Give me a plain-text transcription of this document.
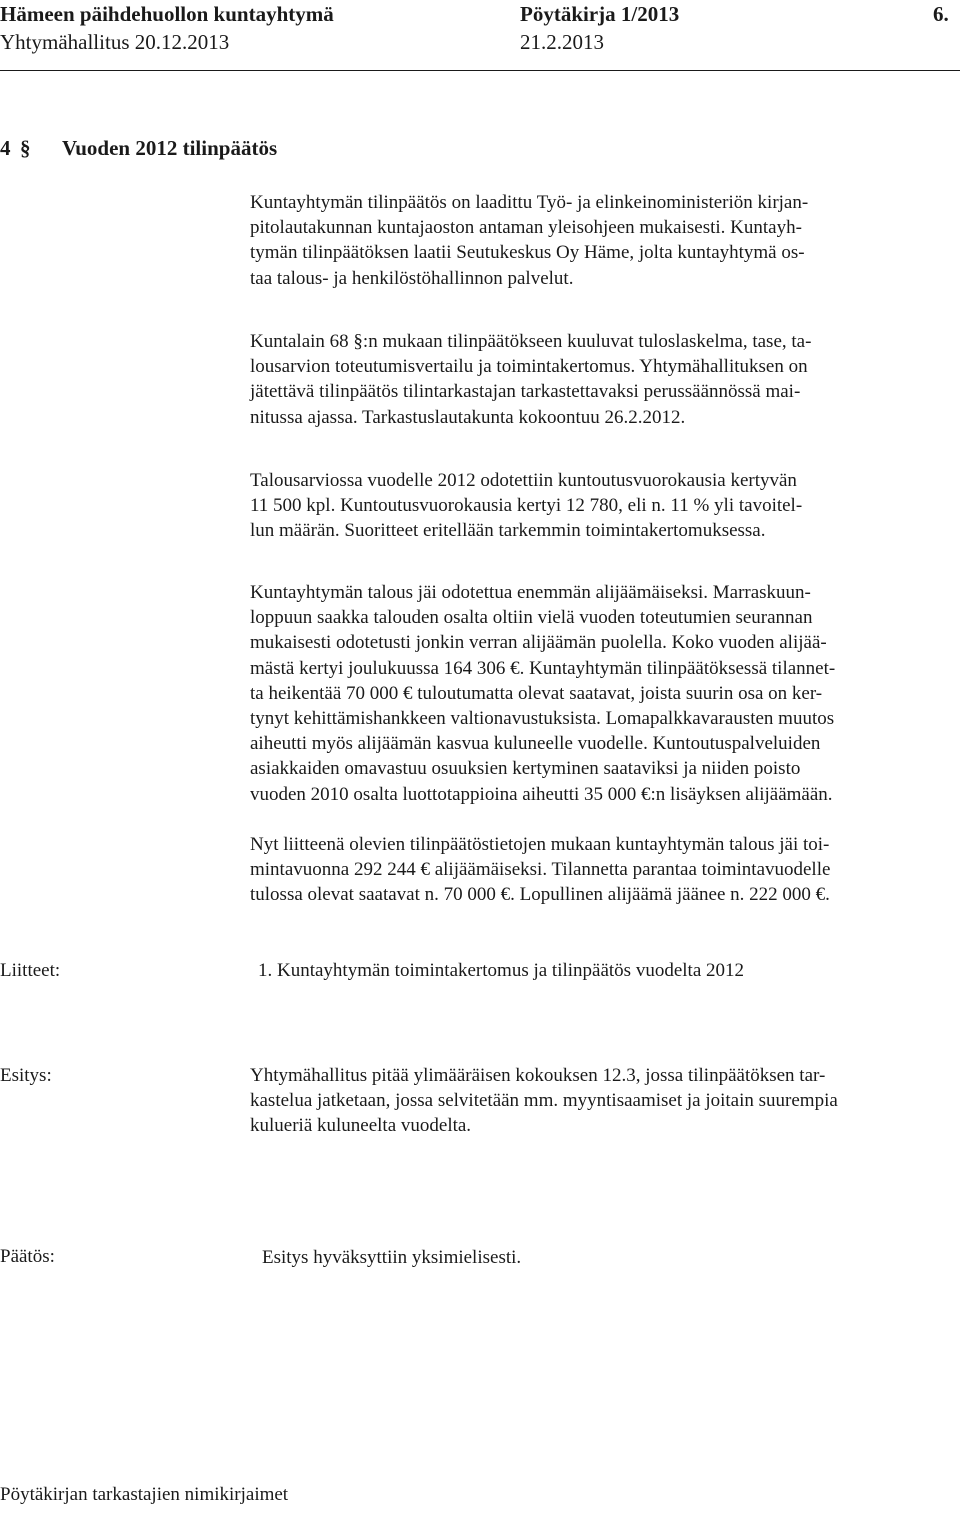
Hämeen päihdehuollon kuntayhtymä	Pöytäkirja 1/2013	6.
Yhtymähallitus 20.12.2013	21.2.2013
4 § Vuoden 2012 tilinpäätös
Kuntayhtymän tilinpäätös on laadittu Työ- ja elinkeinoministeriön kirjan-
pitolautakunnan kuntajaoston antaman yleisohjeen mukaisesti. Kuntayh-
tymän tilinpäätöksen laatii Seutukeskus Oy Häme, jolta kuntayhtymä os-
taa talous- ja henkilöstöhallinnon palvelut.
Kuntalain 68 §:n mukaan tilinpäätökseen kuuluvat tuloslaskelma, tase, ta-
lousarvion toteutumisvertailu ja toimintakertomus. Yhtymähallituksen on
jätettävä tilinpäätös tilintarkastajan tarkastettavaksi perussäännössä mai-
nitussa ajassa. Tarkastuslautakunta kokoontuu 26.2.2012.
Talousarviossa vuodelle 2012 odotettiin kuntoutusvuorokausia kertyvän
11 500 kpl. Kuntoutusvuorokausia kertyi 12 780, eli n. 11 % yli tavoitel-
lun määrän. Suoritteet eritellään tarkemmin toimintakertomuksessa.
Kuntayhtymän talous jäi odotettua enemmän alijäämäiseksi. Marraskuun-
loppuun saakka talouden osalta oltiin vielä vuoden toteutumien seurannan
mukaisesti odotetusti jonkin verran alijäämän puolella. Koko vuoden alijää-
mästä kertyi joulukuussa 164 306 €. Kuntayhtymän tilinpäätöksessä tilannet-
ta heikentää 70 000 € tuloutumatta olevat saatavat, joista suurin osa on ker-
tynyt kehittämishankkeen valtionavustuksista. Lomapalkkavarausten muutos
aiheutti myös alijäämän kasvua kuluneelle vuodelle. Kuntoutuspalveluiden
asiakkaiden omavastuu osuuksien kertyminen saataviksi ja niiden poisto
vuoden 2010 osalta luottotappioina aiheutti 35 000 €:n lisäyksen alijäämään.
Nyt liitteenä olevien tilinpäätöstietojen mukaan kuntayhtymän talous jäi toi-
mintavuonna 292 244 € alijäämäiseksi. Tilannetta parantaa toimintavuodelle
tulossa olevat saatavat n. 70 000 €. Lopullinen alijäämä jäänee n. 222 000 €.
Liitteet:	1. Kuntayhtymän toimintakertomus ja tilinpäätös vuodelta 2012
Esitys:	Yhtymähallitus pitää ylimääräisen kokouksen 12.3, jossa tilinpäätöksen tar-
kastelua jatketaan, jossa selvitetään mm. myyntisaamiset ja joitain suurempia
kulueriä kuluneelta vuodelta.
Päätös:	Esitys hyväksyttiin yksimielisesti.
Pöytäkirjan tarkastajien nimikirjaimet
